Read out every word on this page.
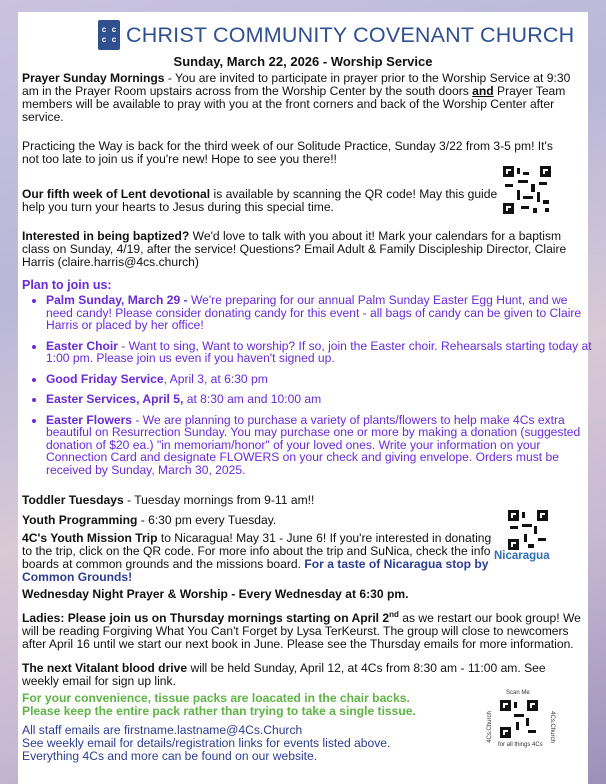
c c
c c CHRIST COMMUNITY COVENANT CHURCH
Sunday, March 22, 2026 - Worship Service
Prayer Sunday Mornings - You are invited to participate in prayer prior to the Worship Service at 9:30 am in the Prayer Room upstairs across from the Worship Center by the south doors and Prayer Team members will be available to pray with you at the front corners and back of the Worship Center after service.
Practicing the Way is back for the third week of our Solitude Practice, Sunday 3/22 from 3-5 pm! It's not too late to join us if you're new! Hope to see you there!!
Our fifth week of Lent devotional is available by scanning the QR code! May this guide help you turn your hearts to Jesus during this special time.
Interested in being baptized? We'd love to talk with you about it! Mark your calendars for a baptism class on Sunday, 4/19, after the service! Questions? Email Adult & Family Discipleship Director, Claire Harris (claire.harris@4cs.church)
Plan to join us:
• Palm Sunday, March 29 - We're preparing for our annual Palm Sunday Easter Egg Hunt, and we need candy! Please consider donating candy for this event - all bags of candy can be given to Claire Harris or placed by her office!
• Easter Choir - Want to sing, Want to worship? If so, join the Easter choir. Rehearsals starting today at 1:00 pm. Please join us even if you haven't signed up.
• Good Friday Service, April 3, at 6:30 pm
• Easter Services, April 5, at 8:30 am and 10:00 am
• Easter Flowers - We are planning to purchase a variety of plants/flowers to help make 4Cs extra beautiful on Resurrection Sunday. You may purchase one or more by making a donation (suggested donation of $20 ea.) "in memoriam/honor" of your loved ones. Write your information on your Connection Card and designate FLOWERS on your check and giving envelope. Orders must be received by Sunday, March 30, 2025.
Toddler Tuesdays - Tuesday mornings from 9-11 am!!
Youth Programming - 6:30 pm every Tuesday.
4C's Youth Mission Trip to Nicaragua! May 31 - June 6! If you're interested in donating to the trip, click on the QR code. For more info about the trip and SuNica, check the info boards at common grounds and the missions board. For a taste of Nicaragua stop by Common Grounds!
Nicaragua
Wednesday Night Prayer & Worship - Every Wednesday at 6:30 pm.
Ladies: Please join us on Thursday mornings starting on April 2nd as we restart our book group! We will be reading Forgiving What You Can't Forget by Lysa TerKeurst. The group will close to newcomers after April 16 until we start our next book in June. Please see the Thursday emails for more information.
The next Vitalant blood drive will be held Sunday, April 12, at 4Cs from 8:30 am - 11:00 am. See weekly email for sign up link.
For your convenience, tissue packs are loacated in the chair backs.
Please keep the entire pack rather than trying to take a single tissue.
All staff emails are firstname.lastname@4Cs.Church
See weekly email for details/registration links for events listed above.
Everything 4Cs and more can be found on our website.
Scan Me
4Cs.Church	4Cs.Church
for all things 4Cs
